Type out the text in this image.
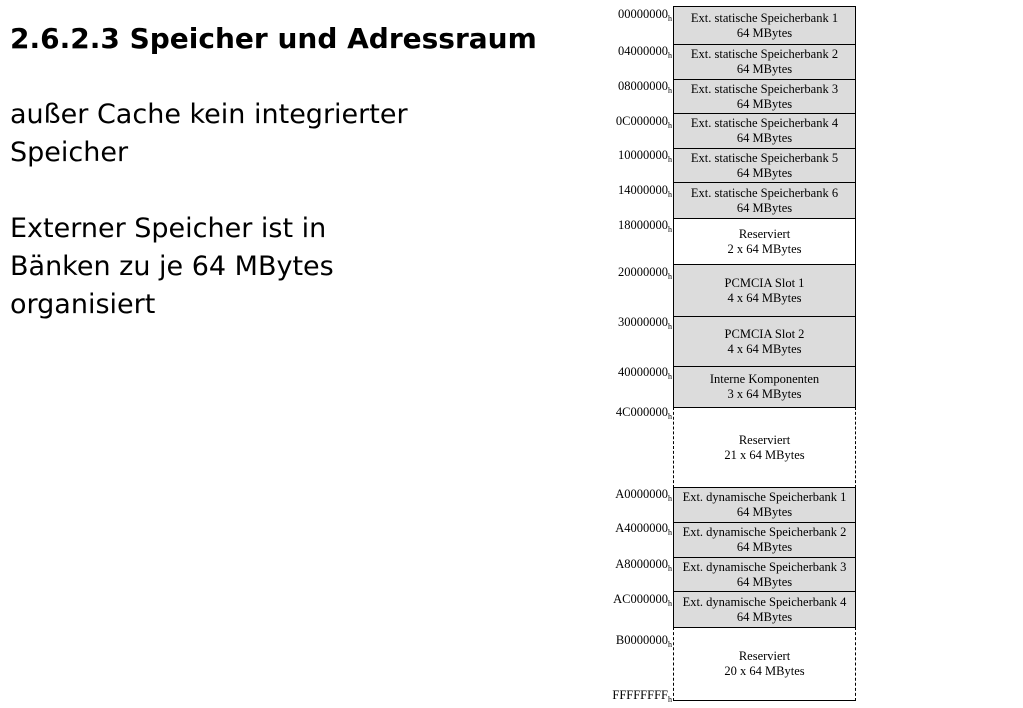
2.6.2.3 Speicher und Adressraum

außer Cache kein integrierter Speicher

Externer Speicher ist in Bänken zu je 64 MBytes organisiert

Ext. statische Speicherbank 1
64 MBytes
Ext. statische Speicherbank 2
64 MBytes
Ext. statische Speicherbank 3
64 MBytes
Ext. statische Speicherbank 4
64 MBytes
Ext. statische Speicherbank 5
64 MBytes
Ext. statische Speicherbank 6
64 MBytes
Reserviert
2 x 64 MBytes
PCMCIA Slot 1
4 x 64 MBytes
PCMCIA Slot 2
4 x 64 MBytes
Interne Komponenten
3 x 64 MBytes
Reserviert
21 x 64 MBytes
Ext. dynamische Speicherbank 1
64 MBytes
Ext. dynamische Speicherbank 2
64 MBytes
Ext. dynamische Speicherbank 3
64 MBytes
Ext. dynamische Speicherbank 4
64 MBytes
Reserviert
20 x 64 MBytes
$00000000_h$
$04000000_h$
$08000000_h$
$0C000000_h$
$10000000_h$
$14000000_h$
$18000000_h$
$20000000_h$
$30000000_h$
$40000000_h$
$4C000000_h$
$A0000000_h$
$A4000000_h$
$A8000000_h$
$AC000000_h$
$B0000000_h$
$FFFFFFFF_h$
